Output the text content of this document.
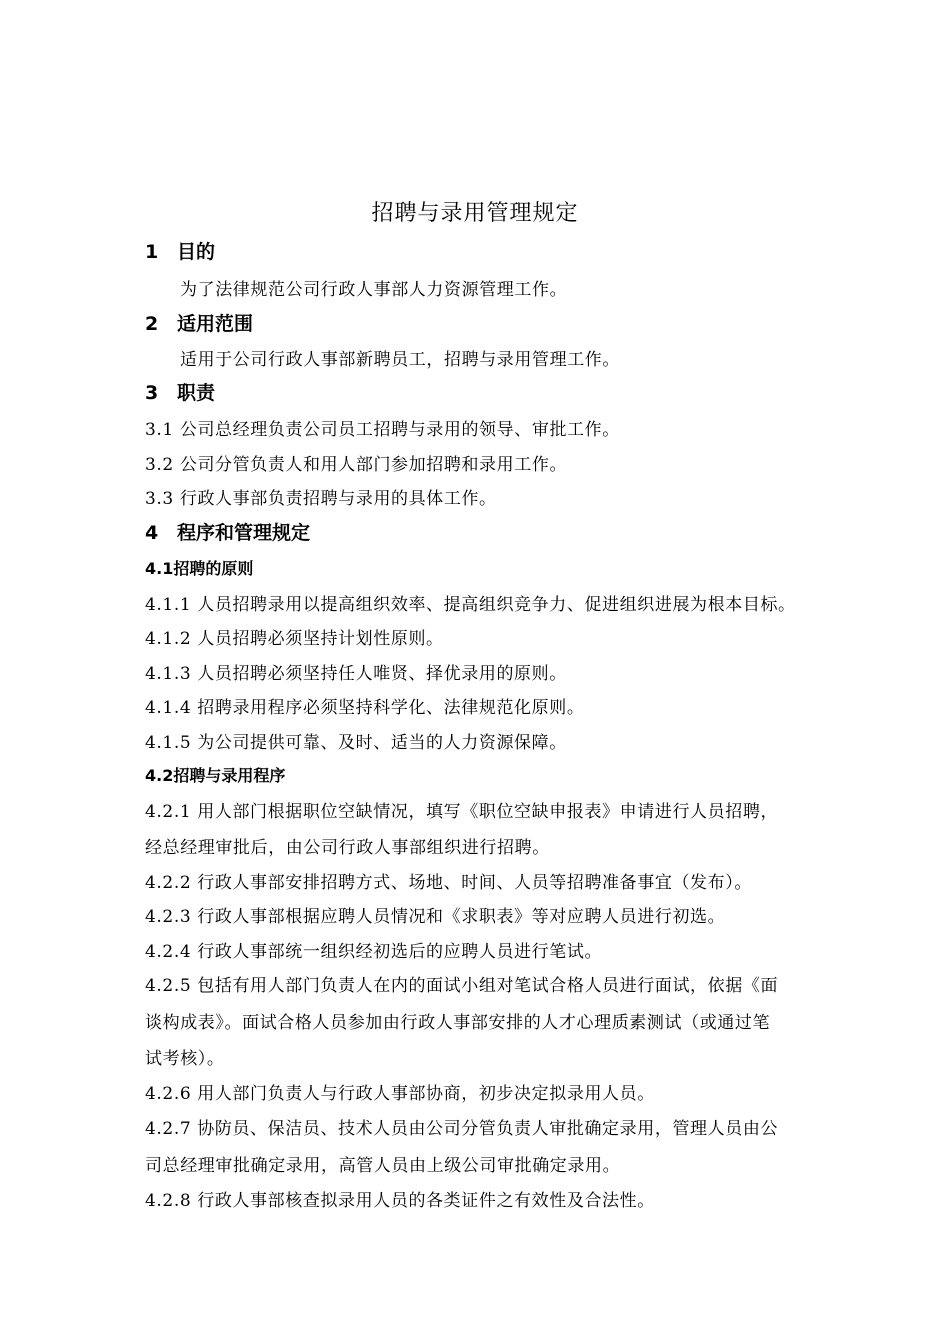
招聘与录用管理规定
1 目的
为了法律规范公司行政人事部人力资源管理工作。
2 适用范围
适用于公司行政人事部新聘员工，招聘与录用管理工作。
3 职责
3.1 公司总经理负责公司员工招聘与录用的领导、审批工作。
3.2 公司分管负责人和用人部门参加招聘和录用工作。
3.3 行政人事部负责招聘与录用的具体工作。
4 程序和管理规定
4.1招聘的原则
4.1.1 人员招聘录用以提高组织效率、提高组织竞争力、促进组织进展为根本目标。
4.1.2 人员招聘必须坚持计划性原则。
4.1.3 人员招聘必须坚持任人唯贤、择优录用的原则。
4.1.4 招聘录用程序必须坚持科学化、法律规范化原则。
4.1.5 为公司提供可靠、及时、适当的人力资源保障。
4.2招聘与录用程序
4.2.1 用人部门根据职位空缺情况，填写《职位空缺申报表》申请进行人员招聘，
经总经理审批后，由公司行政人事部组织进行招聘。
4.2.2 行政人事部安排招聘方式、场地、时间、人员等招聘准备事宜（发布）。
4.2.3 行政人事部根据应聘人员情况和《求职表》等对应聘人员进行初选。
4.2.4 行政人事部统一组织经初选后的应聘人员进行笔试。
4.2.5 包括有用人部门负责人在内的面试小组对笔试合格人员进行面试，依据《面
谈构成表》。面试合格人员参加由行政人事部安排的人才心理质素测试（或通过笔
试考核）。
4.2.6 用人部门负责人与行政人事部协商，初步决定拟录用人员。
4.2.7 协防员、保洁员、技术人员由公司分管负责人审批确定录用，管理人员由公
司总经理审批确定录用，高管人员由上级公司审批确定录用。
4.2.8 行政人事部核查拟录用人员的各类证件之有效性及合法性。
